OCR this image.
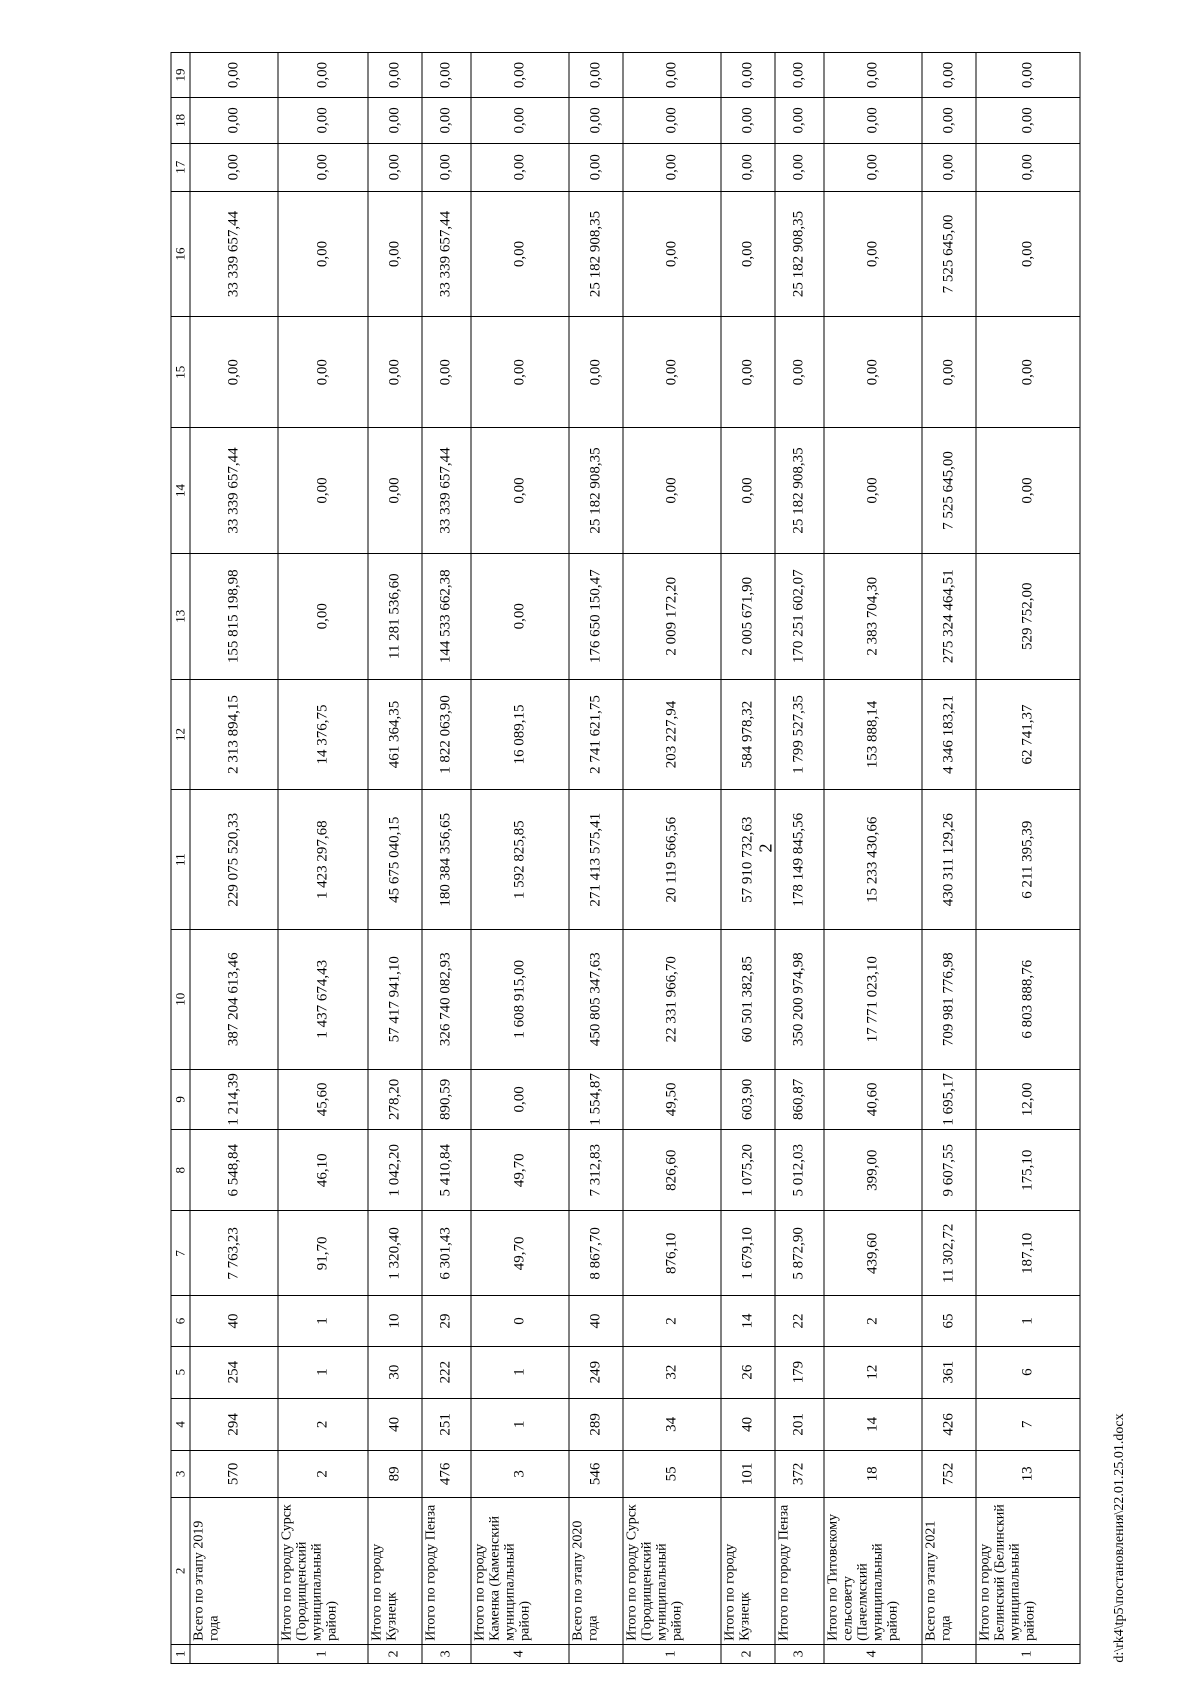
2
1	2	3	4	5	6	7	8	9	10	11	12	13	14	15	16	17	18	19
	Всего по этапу 2019 года	570	294	254	40	7 763,23	6 548,84	1 214,39	387 204 613,46	229 075 520,33	2 313 894,15	155 815 198,98	33 339 657,44	0,00	33 339 657,44	0,00	0,00	0,00
1	Итого по городу Сурск (Городищенский муниципальный район)	2	2	1	1	91,70	46,10	45,60	1 437 674,43	1 423 297,68	14 376,75	0,00	0,00	0,00	0,00	0,00	0,00	0,00
2	Итого по городу Кузнецк	89	40	30	10	1 320,40	1 042,20	278,20	57 417 941,10	45 675 040,15	461 364,35	11 281 536,60	0,00	0,00	0,00	0,00	0,00	0,00
3	Итого по городу Пенза	476	251	222	29	6 301,43	5 410,84	890,59	326 740 082,93	180 384 356,65	1 822 063,90	144 533 662,38	33 339 657,44	0,00	33 339 657,44	0,00	0,00	0,00
4	Итого по городу Каменка (Каменский муниципальный район)	3	1	1	0	49,70	49,70	0,00	1 608 915,00	1 592 825,85	16 089,15	0,00	0,00	0,00	0,00	0,00	0,00	0,00
	Всего по этапу 2020 года	546	289	249	40	8 867,70	7 312,83	1 554,87	450 805 347,63	271 413 575,41	2 741 621,75	176 650 150,47	25 182 908,35	0,00	25 182 908,35	0,00	0,00	0,00
1	Итого по городу Сурск (Городищенский муниципальный район)	55	34	32	2	876,10	826,60	49,50	22 331 966,70	20 119 566,56	203 227,94	2 009 172,20	0,00	0,00	0,00	0,00	0,00	0,00
2	Итого по городу Кузнецк	101	40	26	14	1 679,10	1 075,20	603,90	60 501 382,85	57 910 732,63	584 978,32	2 005 671,90	0,00	0,00	0,00	0,00	0,00	0,00
3	Итого по городу Пенза	372	201	179	22	5 872,90	5 012,03	860,87	350 200 974,98	178 149 845,56	1 799 527,35	170 251 602,07	25 182 908,35	0,00	25 182 908,35	0,00	0,00	0,00
4	Итого по Титовскому сельсовету (Пачелмский муниципальный район)	18	14	12	2	439,60	399,00	40,60	17 771 023,10	15 233 430,66	153 888,14	2 383 704,30	0,00	0,00	0,00	0,00	0,00	0,00
	Всего по этапу 2021 года	752	426	361	65	11 302,72	9 607,55	1 695,17	709 981 776,98	430 311 129,26	4 346 183,21	275 324 464,51	7 525 645,00	0,00	7 525 645,00	0,00	0,00	0,00
1	Итого по городу Белинский (Белинский муниципальный район)	13	7	6	1	187,10	175,10	12,00	6 803 888,76	6 211 395,39	62 741,37	529 752,00	0,00	0,00	0,00	0,00	0,00	0,00
d:\rk4\tp5\постановления\22.01.25.01.docx
